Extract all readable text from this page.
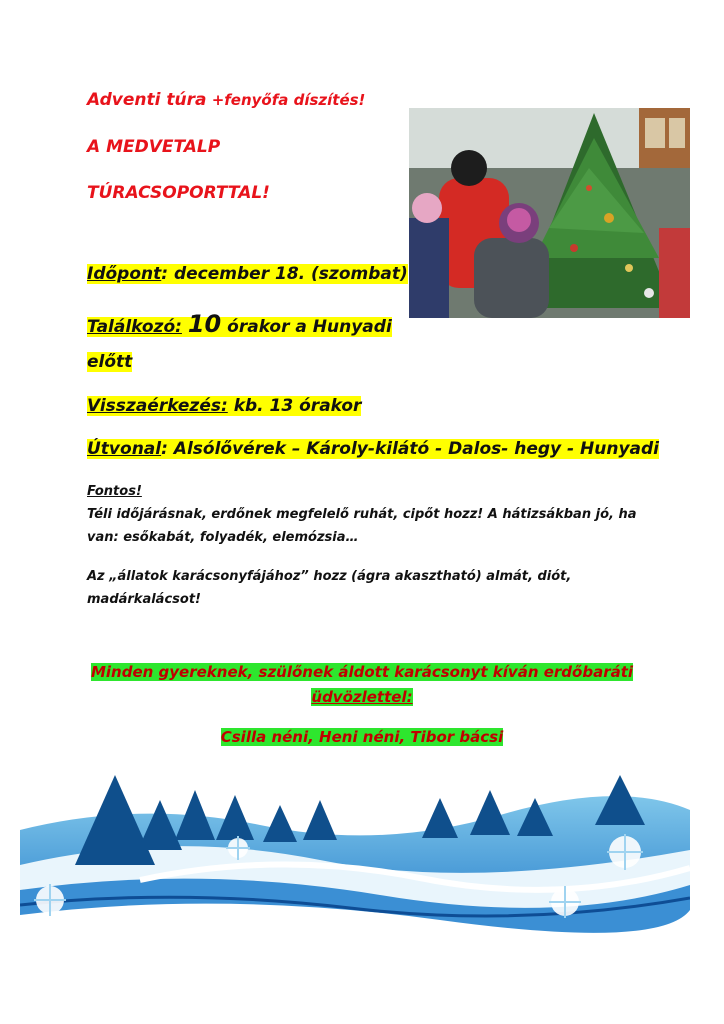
Adventi túra +fenyőfa díszítés!
A MEDVETALP
TÚRACSOPORTTAL!
Időpont: december 18. (szombat)
Találkozó: 10 órakor a Hunyadi
előtt
Visszaérkezés: kb. 13 órakor
Útvonal: Alsólővérek – Károly-kilátó - Dalos- hegy - Hunyadi
Fontos!
Téli időjárásnak, erdőnek megfelelő ruhát, cipőt hozz! A hátizsákban jó, ha van: esőkabát, folyadék, elemózsia…
Az „állatok karácsonyfájához” hozz (ágra akasztható) almát, diót, madárkalácsot!
Minden gyereknek, szülőnek áldott karácsonyt kíván erdőbaráti
üdvözlettel:
Csilla néni, Heni néni, Tibor bácsi
